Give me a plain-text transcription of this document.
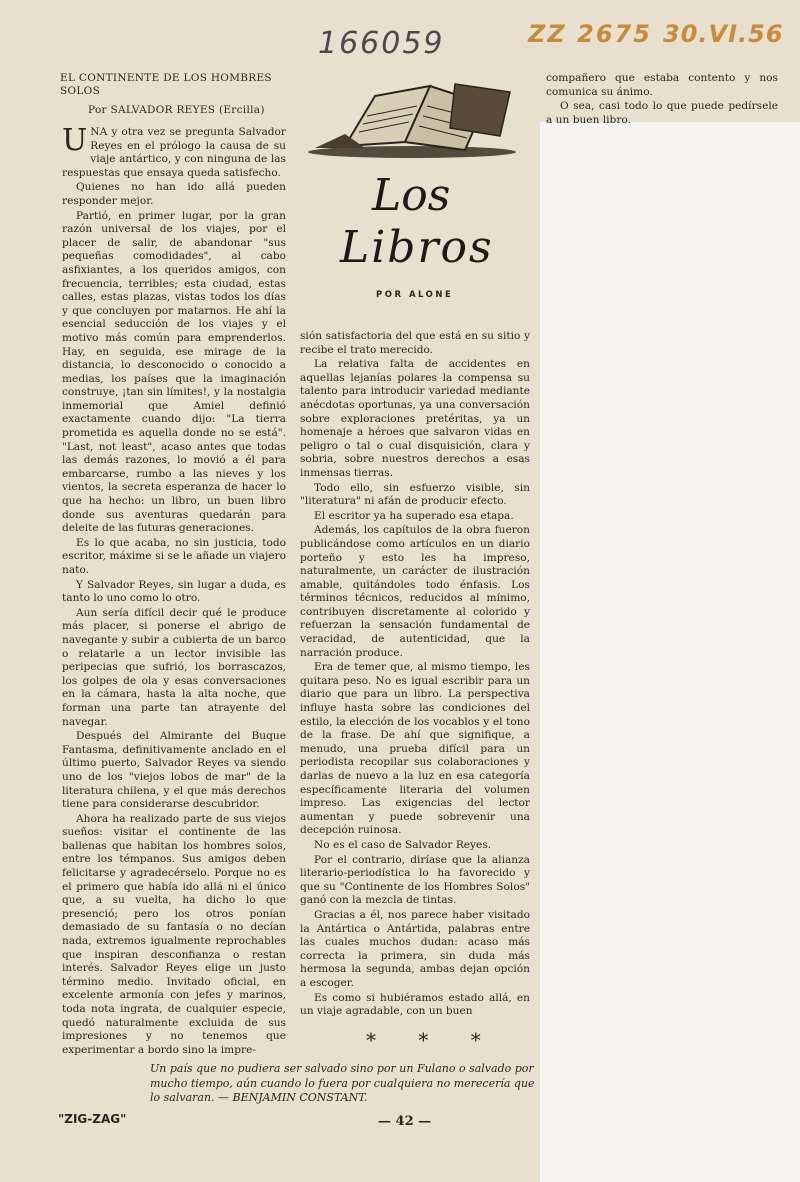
166059	ZZ 2675 30.VI.56
EL CONTINENTE DE LOS HOMBRES SOLOS
Por SALVADOR REYES (Ercilla)

UNA y otra vez se pregunta Salvador Reyes en el prólogo la causa de su viaje antártico, y con ninguna de las respuestas que ensaya queda satisfecho.

Quienes no han ido allá pueden responder mejor.

Partió, en primer lugar, por la gran razón universal de los viajes, por el placer de salir, de abandonar "sus pequeñas comodidades", al cabo asfixiantes, a los queridos amigos, con frecuencia, terribles; esta ciudad, estas calles, estas plazas, vistas todos los días y que concluyen por matarnos. He ahí la esencial seducción de los viajes y el motivo más común para emprenderlos. Hay, en seguida, ese mirage de la distancia, lo desconocido o conocido a medias, los países que la imaginación construye, ¡tan sin límites!, y la nostalgia inmemorial que Amiel definió exactamente cuando dijo: "La tierra prometida es aquella donde no se está". "Last, not least", acaso antes que todas las demás razones, lo movió a él para embarcarse, rumbo a las nieves y los vientos, la secreta esperanza de hacer lo que ha hecho: un libro, un buen libro donde sus aventuras quedarán para deleite de las futuras generaciones.

Es lo que acaba, no sin justicia, todo escritor, máxime si se le añade un viajero nato.

Y Salvador Reyes, sin lugar a duda, es tanto lo uno como lo otro.

Aun sería difícil decir qué le produce más placer, si ponerse el abrigo de navegante y subir a cubierta de un barco o relatarle a un lector invisible las peripecias que sufrió, los borrascazos, los golpes de ola y esas conversaciones en la cámara, hasta la alta noche, que forman una parte tan atrayente del navegar.

Después del Almirante del Buque Fantasma, definitivamente anclado en el último puerto, Salvador Reyes va siendo uno de los "viejos lobos de mar" de la literatura chilena, y el que más derechos tiene para considerarse descubridor.

Ahora ha realizado parte de sus viejos sueños: visitar el continente de las ballenas que habitan los hombres solos, entre los témpanos. Sus amigos deben felicitarse y agradecérselo. Porque no es el primero que había ido allá ni el único que, a su vuelta, ha dicho lo que presenció; pero los otros ponían demasiado de su fantasía o no decían nada, extremos igualmente reprochables que inspiran desconfianza o restan interés. Salvador Reyes elige un justo término medio. Invitado oficial, en excelente armonía con jefes y marinos, toda nota ingrata, de cualquier especie, quedó naturalmente excluida de sus impresiones y no tenemos que experimentar a bordo sino la impre-

Los
Libros
POR ALONE

sión satisfactoria del que está en su sitio y recibe el trato merecido.

La relativa falta de accidentes en aquellas lejanías polares la compensa su talento para introducir variedad mediante anécdotas oportunas, ya una conversación sobre exploraciones pretéritas, ya un homenaje a héroes que salvaron vidas en peligro o tal o cual disquisición, clara y sobria, sobre nuestros derechos a esas inmensas tierras.

Todo ello, sin esfuerzo visible, sin "literatura" ni afán de producir efecto.

El escritor ya ha superado esa etapa.

Además, los capítulos de la obra fueron publicándose como artículos en un diario porteño y esto les ha impreso, naturalmente, un carácter de ilustración amable, quitándoles todo énfasis. Los términos técnicos, reducidos al mínimo, contribuyen discretamente al colorido y refuerzan la sensación fundamental de veracidad, de autenticidad, que la narración produce.

Era de temer que, al mismo tiempo, les quitara peso. No es igual escribir para un diario que para un libro. La perspectiva influye hasta sobre las condiciones del estilo, la elección de los vocablos y el tono de la frase. De ahí que signifique, a menudo, una prueba difícil para un periodista recopilar sus colaboraciones y darlas de nuevo a la luz en esa categoría específicamente literaria del volumen impreso. Las exigencias del lector aumentan y puede sobrevenir una decepción ruinosa.

No es el caso de Salvador Reyes.

Por el contrario, diríase que la alianza literario-periodística lo ha favorecido y que su "Continente de los Hombres Solos" ganó con la mezcla de tintas.

Gracias a él, nos parece haber visitado la Antártica o Antártida, palabras entre las cuales muchos dudan: acaso más correcta la primera, sin duda más hermosa la segunda, ambas dejan opción a escoger.

Es como si hubiéramos estado allá, en un viaje agradable, con un buen

compañero que estaba contento y nos comunica su ánimo.

O sea, casi todo lo que puede pedírsele a un buen libro.

* * *
Un país que no pudiera ser salvado sino por un Fulano o salvado por mucho tiempo, aún cuando lo fuera por cualquiera no merecería que lo salvaran. — BENJAMIN CONSTANT.
"ZIG-ZAG"	— 42 —
